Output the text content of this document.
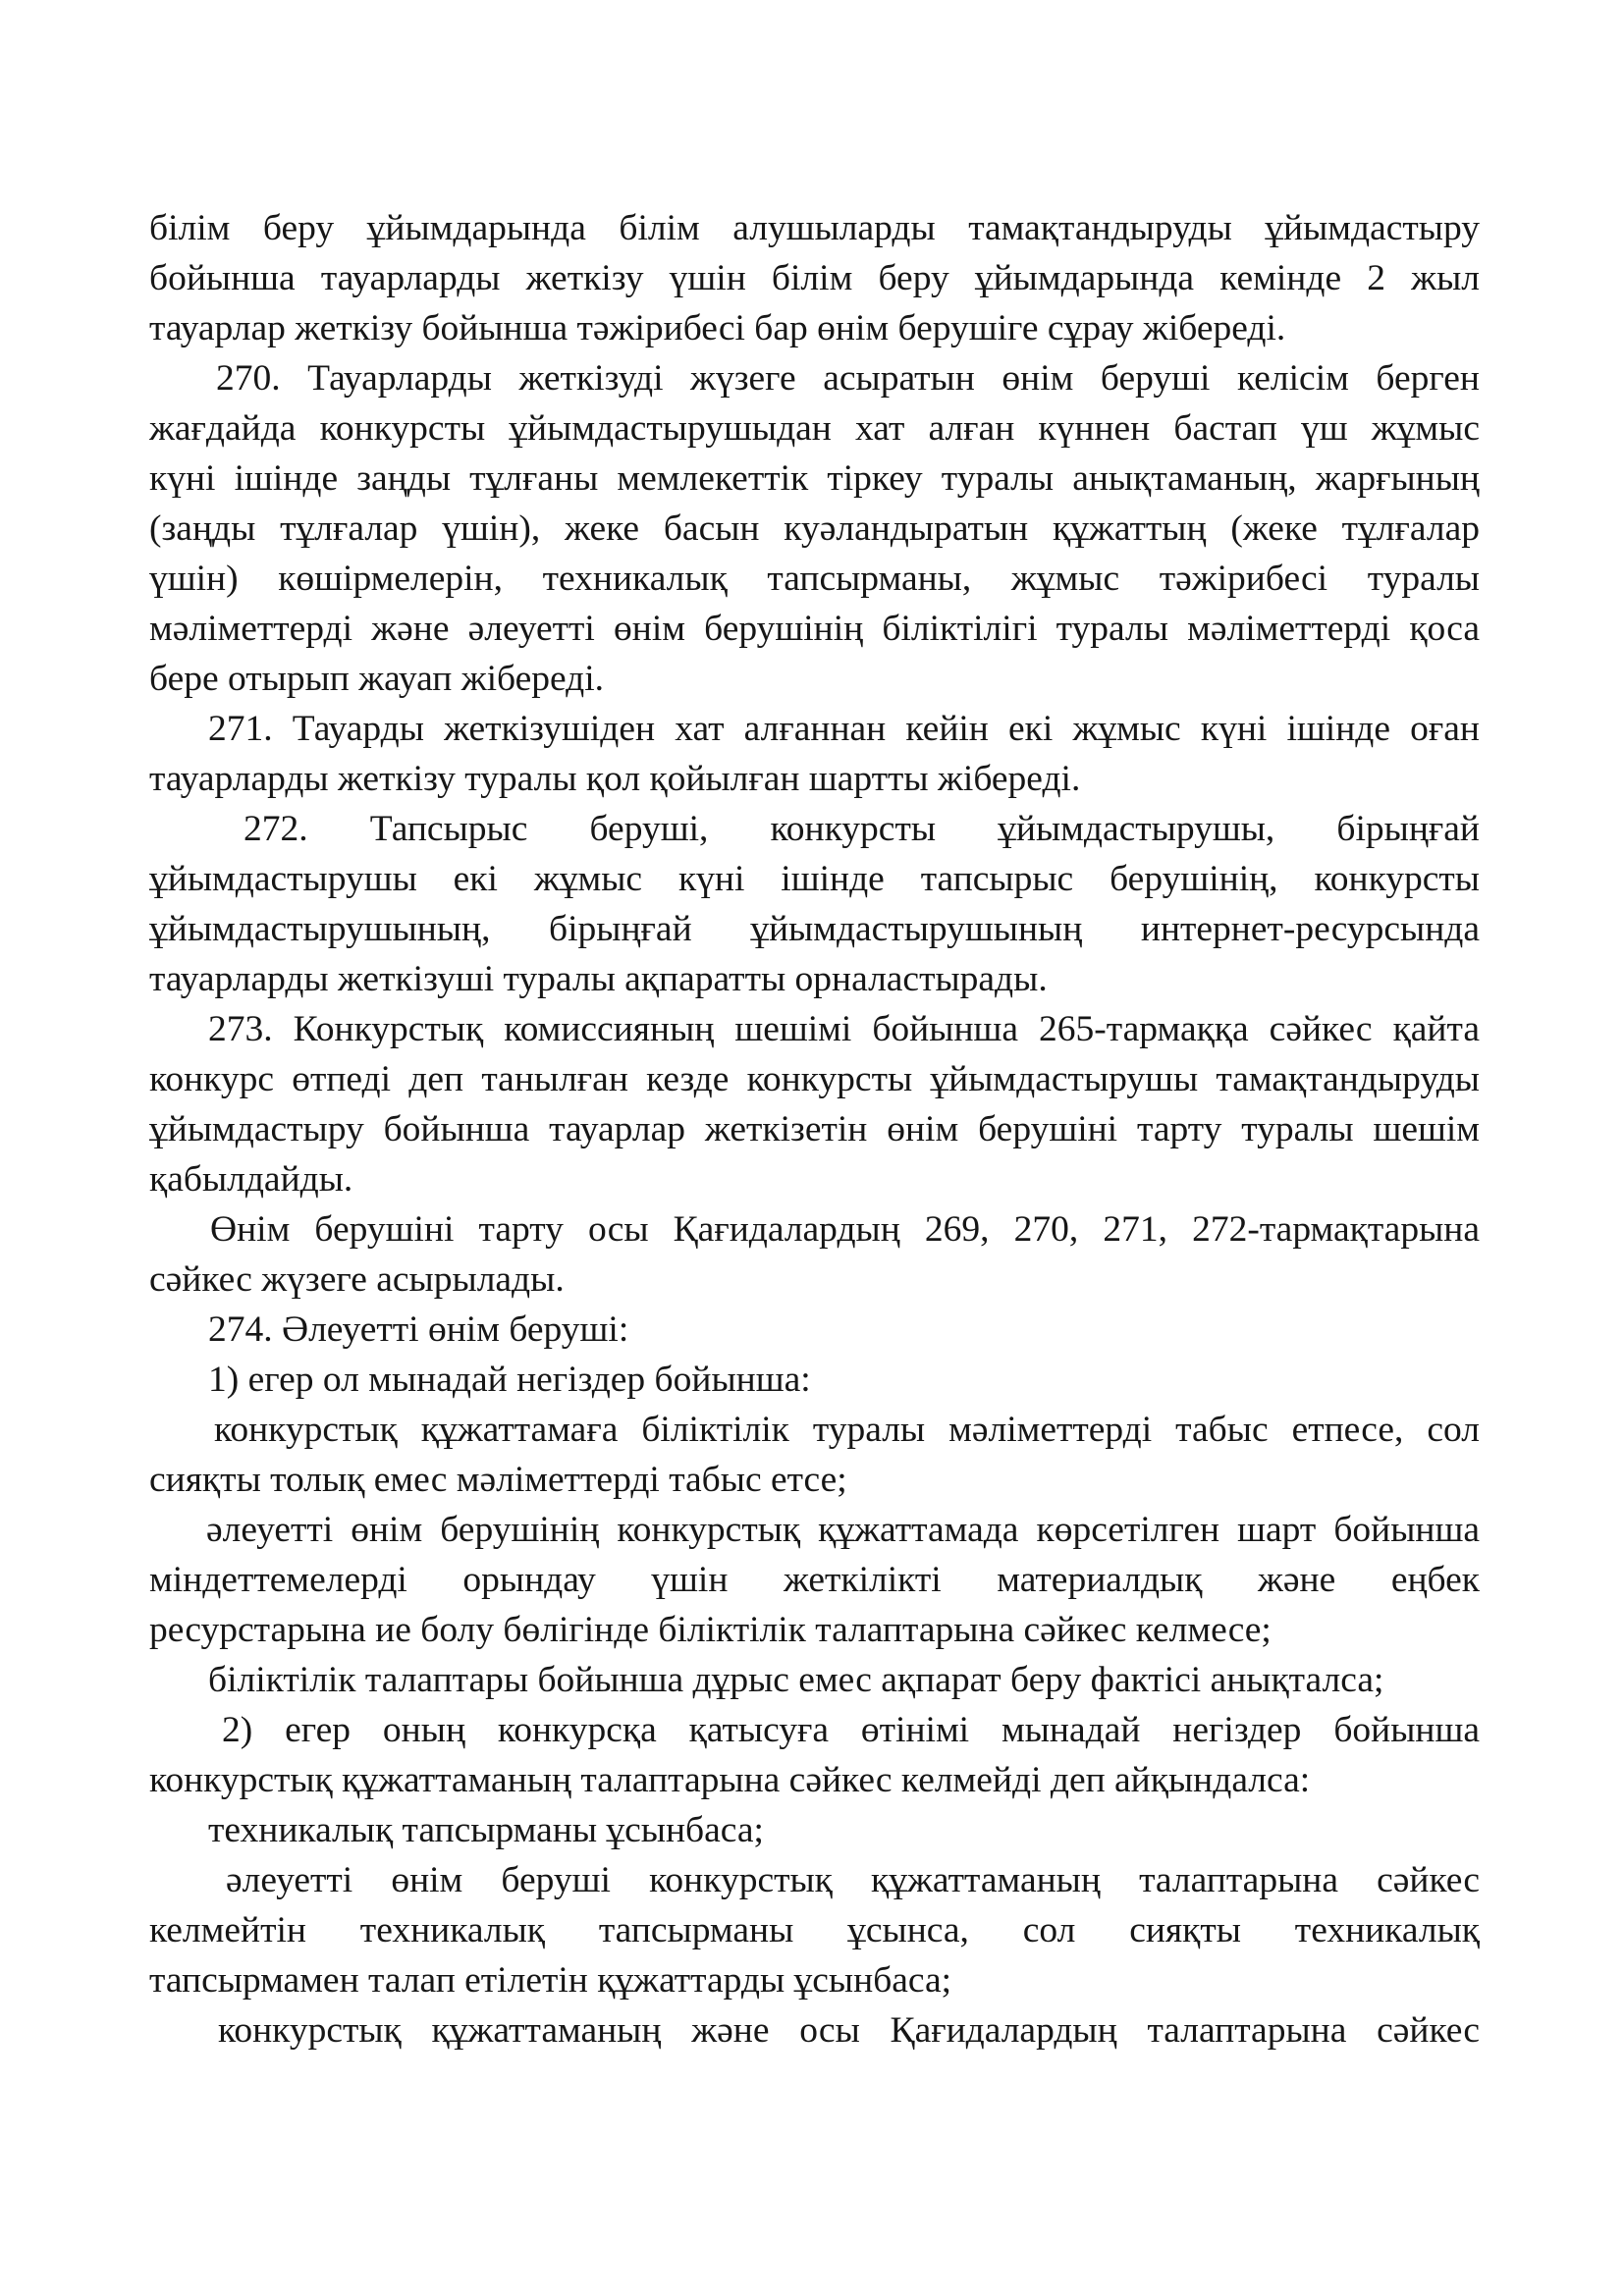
білім беру ұйымдарында білім алушыларды тамақтандыруды ұйымдастыру
бойынша тауарларды жеткізу үшін білім беру ұйымдарында кемінде 2 жыл
тауарлар жеткізу бойынша тәжірибесі бар өнім берушіге сұрау жібереді.
270. Тауарларды жеткізуді жүзеге асыратын өнім беруші келісім берген
жағдайда конкурсты ұйымдастырушыдан хат алған күннен бастап үш жұмыс
күні ішінде заңды тұлғаны мемлекеттік тіркеу туралы анықтаманың, жарғының
(заңды тұлғалар үшін), жеке басын куәландыратын құжаттың (жеке тұлғалар
үшін) көшірмелерін, техникалық тапсырманы, жұмыс тәжірибесі туралы
мәліметтерді және әлеуетті өнім берушінің біліктілігі туралы мәліметтерді қоса
бере отырып жауап жібереді.
271. Тауарды жеткізушіден хат алғаннан кейін екі жұмыс күні ішінде оған
тауарларды жеткізу туралы қол қойылған шартты жібереді.
272. Тапсырыс беруші, конкурсты ұйымдастырушы, бірыңғай
ұйымдастырушы екі жұмыс күні ішінде тапсырыс берушінің, конкурсты
ұйымдастырушының, бірыңғай ұйымдастырушының интернет-ресурсында
тауарларды жеткізуші туралы ақпаратты орналастырады.
273. Конкурстық комиссияның шешімі бойынша 265-тармаққа сәйкес қайта
конкурс өтпеді деп танылған кезде конкурсты ұйымдастырушы тамақтандыруды
ұйымдастыру бойынша тауарлар жеткізетін өнім берушіні тарту туралы шешім
қабылдайды.
Өнім берушіні тарту осы Қағидалардың 269, 270, 271, 272-тармақтарына
сәйкес жүзеге асырылады.
274. Әлеуетті өнім беруші:
1) егер ол мынадай негіздер бойынша:
конкурстық құжаттамаға біліктілік туралы мәліметтерді табыс етпесе, сол
сияқты толық емес мәліметтерді табыс етсе;
әлеуетті өнім берушінің конкурстық құжаттамада көрсетілген шарт бойынша
міндеттемелерді орындау үшін жеткілікті материалдық және еңбек
ресурстарына ие болу бөлігінде біліктілік талаптарына сәйкес келмесе;
біліктілік талаптары бойынша дұрыс емес ақпарат беру фактісі анықталса;
2) егер оның конкурсқа қатысуға өтінімі мынадай негіздер бойынша
конкурстық құжаттаманың талаптарына сәйкес келмейді деп айқындалса:
техникалық тапсырманы ұсынбаса;
әлеуетті өнім беруші конкурстық құжаттаманың талаптарына сәйкес
келмейтін техникалық тапсырманы ұсынса, сол сияқты техникалық
тапсырмамен талап етілетін құжаттарды ұсынбаса;
конкурстық құжаттаманың және осы Қағидалардың талаптарына сәйкес
